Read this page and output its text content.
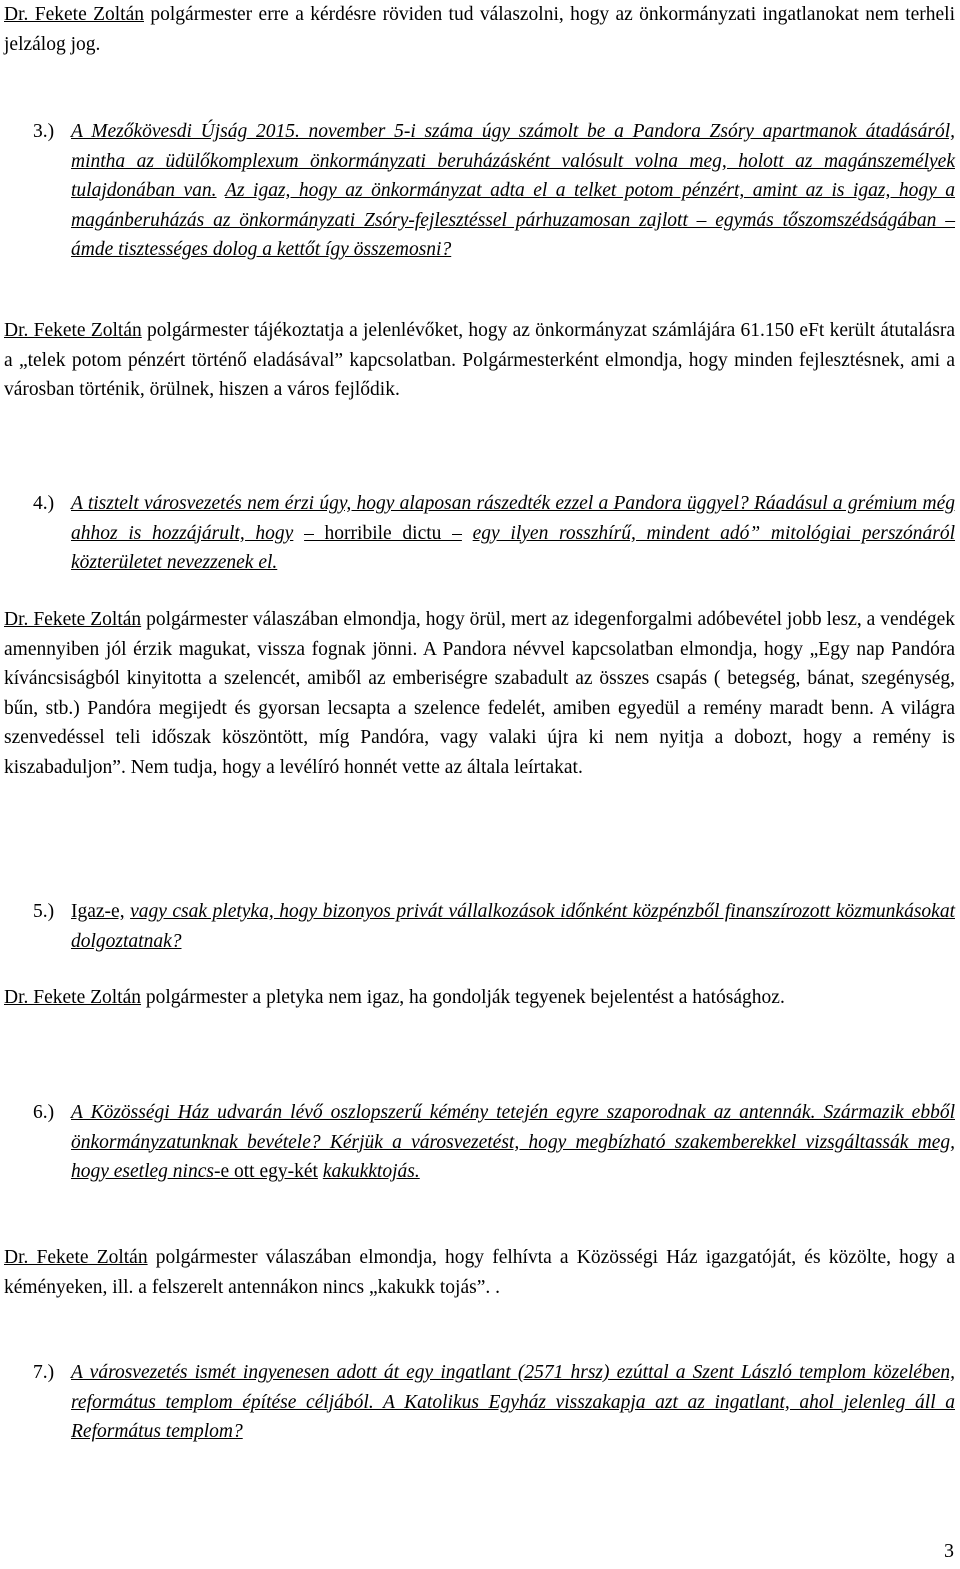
Dr. Fekete Zoltán polgármester erre a kérdésre röviden tud válaszolni, hogy az önkormányzati ingatlanokat nem terheli jelzálog jog.

3.) A Mezőkövesdi Újság 2015. november 5-i száma úgy számolt be a Pandora Zsóry apartmanok átadásáról, mintha az üdülőkomplexum önkormányzati beruházásként valósult volna meg, holott az magánszemélyek tulajdonában van. Az igaz, hogy az önkormányzat adta el a telket potom pénzért, amint az is igaz, hogy a magánberuházás az önkormányzati Zsóry-fejlesztéssel párhuzamosan zajlott – egymás tőszomszédságában – ámde tisztességes dolog a kettőt így összemosni?

Dr. Fekete Zoltán polgármester tájékoztatja a jelenlévőket, hogy az önkormányzat számlájára 61.150 eFt került átutalásra a „telek potom pénzért történő eladásával” kapcsolatban. Polgármesterként elmondja, hogy minden fejlesztésnek, ami a városban történik, örülnek, hiszen a város fejlődik.

4.) A tisztelt városvezetés nem érzi úgy, hogy alaposan rászedték ezzel a Pandora üggyel? Ráadásul a grémium még ahhoz is hozzájárult, hogy – horribile dictu – egy ilyen rosszhírű, mindent adó” mitológiai perszónáról közterületet nevezzenek el.

Dr. Fekete Zoltán polgármester válaszában elmondja, hogy örül, mert az idegenforgalmi adóbevétel jobb lesz, a vendégek amennyiben jól érzik magukat, vissza fognak jönni. A Pandora névvel kapcsolatban elmondja, hogy „Egy nap Pandóra kíváncsiságból kinyitotta a szelencét, amiből az emberiségre szabadult az összes csapás ( betegség, bánat, szegénység, bűn, stb.) Pandóra megijedt és gyorsan lecsapta a szelence fedelét, amiben egyedül a remény maradt benn. A világra szenvedéssel teli időszak köszöntött, míg Pandóra, vagy valaki újra ki nem nyitja a dobozt, hogy a remény is kiszabaduljon”. Nem tudja, hogy a levélíró honnét vette az általa leírtakat.

5.) Igaz-e, vagy csak pletyka, hogy bizonyos privát vállalkozások időnként közpénzből finanszírozott közmunkásokat dolgoztatnak?

Dr. Fekete Zoltán polgármester a pletyka nem igaz, ha gondolják tegyenek bejelentést a hatósághoz.

6.) A Közösségi Ház udvarán lévő oszlopszerű kémény tetején egyre szaporodnak az antennák. Származik ebből önkormányzatunknak bevétele? Kérjük a városvezetést, hogy megbízható szakemberekkel vizsgáltassák meg, hogy esetleg nincs-e ott egy-két kakukktojás.

Dr. Fekete Zoltán polgármester válaszában elmondja, hogy felhívta a Közösségi Ház igazgatóját, és közölte, hogy a kéményeken, ill. a felszerelt antennákon nincs „kakukk tojás”. .

7.) A városvezetés ismét ingyenesen adott át egy ingatlant (2571 hrsz) ezúttal a Szent László templom közelében, református templom építése céljából. A Katolikus Egyház visszakapja azt az ingatlant, ahol jelenleg áll a Református templom?
3
